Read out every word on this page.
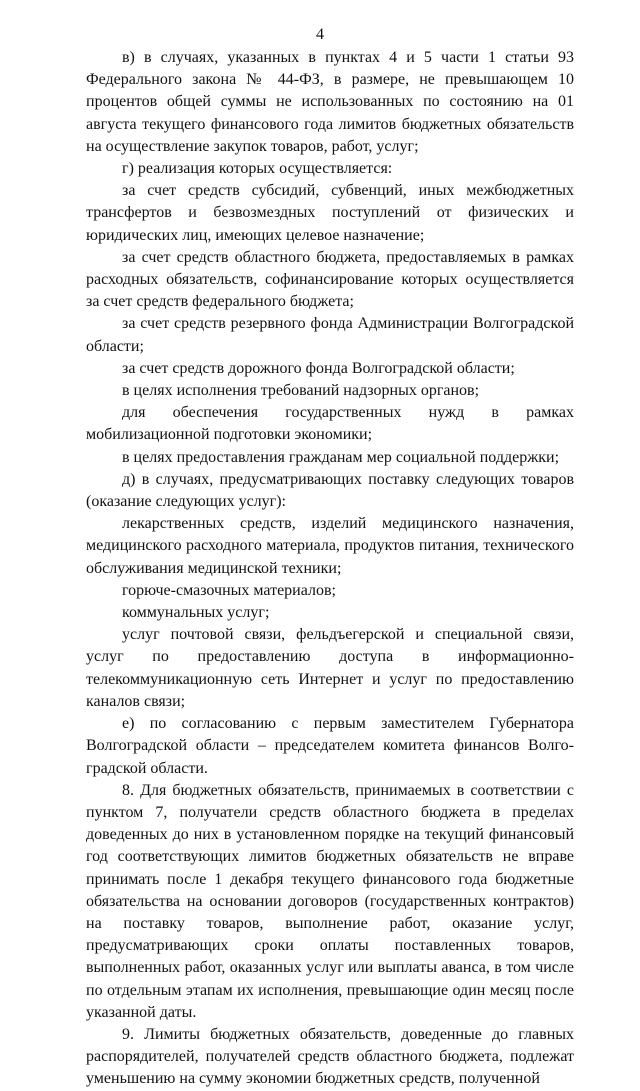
4

в) в случаях, указанных в пунктах 4 и 5 части 1 статьи 93 Федерального закона № 44-ФЗ, в размере, не превышающем 10 процентов общей суммы не использованных по состоянию на 01 августа текущего финансового года лимитов бюджетных обязательств на осуществление закупок товаров, работ, услуг;

г) реализация которых осуществляется:

за счет средств субсидий, субвенций, иных межбюджетных трансфертов и безвозмездных поступлений от физических и юридических лиц, имеющих целевое назначение;

за счет средств областного бюджета, предоставляемых в рамках расходных обязательств, софинансирование которых осуществляется за счет средств федерального бюджета;

за счет средств резервного фонда Администрации Волгоградской области;

за счет средств дорожного фонда Волгоградской области;

в целях исполнения требований надзорных органов;

для обеспечения государственных нужд в рамках мобилизационной подготовки экономики;

в целях предоставления гражданам мер социальной поддержки;

д) в случаях, предусматривающих поставку следующих товаров (оказание следующих услуг):

лекарственных средств, изделий медицинского назначения, медицинского расходного материала, продуктов питания, технического обслуживания медицинской техники;

горюче-смазочных материалов;

коммунальных услуг;

услуг почтовой связи, фельдъегерской и специальной связи, услуг по предоставлению доступа в информационно-телекоммуникационную сеть Интернет и услуг по предоставлению каналов связи;

е) по согласованию с первым заместителем Губернатора Волгоградской области – председателем комитета финансов Волго-градской области.

8. Для бюджетных обязательств, принимаемых в соответствии с пунктом 7, получатели средств областного бюджета в пределах доведенных до них в установленном порядке на текущий финансовый год соответствующих лимитов бюджетных обязательств не вправе принимать после 1 декабря текущего финансового года бюджетные обязательства на основании договоров (государственных контрактов) на поставку товаров, выполнение работ, оказание услуг, предусматривающих сроки оплаты поставленных товаров, выполненных работ, оказанных услуг или выплаты аванса, в том числе по отдельным этапам их исполнения, превышающие один месяц после указанной даты.

9. Лимиты бюджетных обязательств, доведенные до главных распорядителей, получателей средств областного бюджета, подлежат уменьшению на сумму экономии бюджетных средств, полученной
